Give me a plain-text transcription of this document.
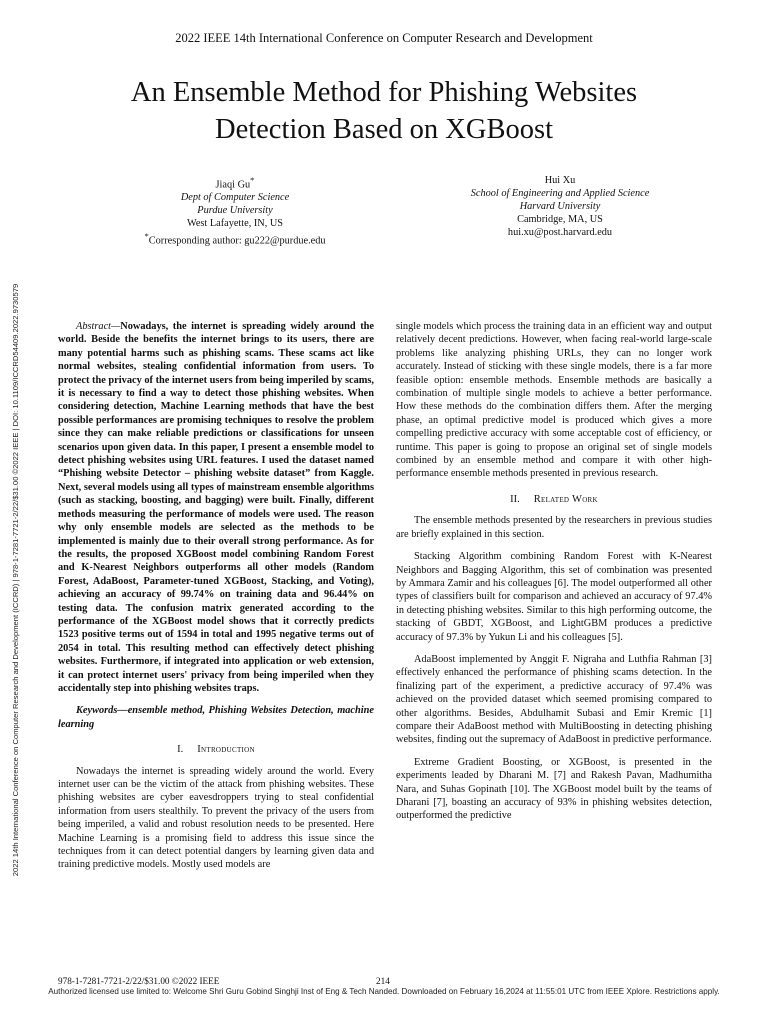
2022 IEEE 14th International Conference on Computer Research and Development
An Ensemble Method for Phishing Websites
Detection Based on XGBoost
Jiaqi Gu*
Dept of Computer Science
Purdue University
West Lafayette, IN, US
*Corresponding author: gu222@purdue.edu
Hui Xu
School of Engineering and Applied Science
Harvard University
Cambridge, MA, US
hui.xu@post.harvard.edu
2022 14th International Conference on Computer Research and Development (ICCRD) | 978-1-7281-7721-2/22/$31.00 ©2022 IEEE | DOI: 10.1109/ICCRD54409.2022.9730579	Abstract—Nowadays, the internet is spreading widely around the world. Beside the benefits the internet brings to its users, there are many potential harms such as phishing scams. These scams act like normal websites, stealing confidential information from users. To protect the privacy of the internet users from being imperiled by scams, it is necessary to find a way to detect those phishing websites. When considering detection, Machine Learning methods that have the best possible performances are promising techniques to resolve the problem since they can make reliable predictions or classifications for unseen scenarios upon given data. In this paper, I present a ensemble model to detect phishing websites using URL features. I used the dataset named “Phishing website Detector – phishing website dataset” from Kaggle. Next, several models using all types of mainstream ensemble algorithms (such as stacking, boosting, and bagging) were built. Finally, different methods measuring the performance of models were used. The reason why only ensemble models are selected as the methods to be implemented is mainly due to their overall strong performance. As for the results, the proposed XGBoost model combining Random Forest and K-Nearest Neighbors outperforms all other models (Random Forest, AdaBoost, Parameter-tuned XGBoost, Stacking, and Voting), achieving an accuracy of 99.74% on training data and 96.44% on testing data. The confusion matrix generated according to the performance of the XGBoost model shows that it correctly predicts 1523 positive terms out of 1594 in total and 1995 negative terms out of 2054 in total. This resulting method can effectively detect phishing websites. Furthermore, if integrated into application or web extension, it can protect internet users' privacy from being imperiled when they accidentally step into phishing websites traps.

Keywords—ensemble method, Phishing Websites Detection, machine learning

I. Introduction

Nowadays the internet is spreading widely around the world. Every internet user can be the victim of the attack from phishing websites. These phishing websites are cyber eavesdroppers trying to steal confidential information from users stealthily. To prevent the privacy of the users from being imperiled, a valid and robust resolution needs to be presented. Here Machine Learning is a promising field to address this issue since the techniques from it can detect potential dangers by learning given data and training predictive models. Mostly used models are

single models which process the training data in an efficient way and output relatively decent predictions. However, when facing real-world large-scale problems like analyzing phishing URLs, they can no longer work accurately. Instead of sticking with these single models, there is a far more feasible option: ensemble methods. Ensemble methods are basically a combination of multiple single models to achieve a better performance. How these methods do the combination differs them. After the merging phase, an optimal predictive model is produced which gives a more compelling predictive accuracy with some acceptable cost of efficiency, or runtime. This paper is going to propose an original set of single models combined by an ensemble method and compare it with other high-performance ensemble methods presented in previous research.

II. Related Work

The ensemble methods presented by the researchers in previous studies are briefly explained in this section.

Stacking Algorithm combining Random Forest with K-Nearest Neighbors and Bagging Algorithm, this set of combination was presented by Ammara Zamir and his colleagues [6]. The model outperformed all other types of classifiers built for comparison and achieved an accuracy of 97.4% in detecting phishing websites. Similar to this high performing outcome, the stacking of GBDT, XGBoost, and LightGBM produces a predictive accuracy of 97.3% by Yukun Li and his colleagues [5].

AdaBoost implemented by Anggit F. Nigraha and Luthfia Rahman [3] effectively enhanced the performance of phishing scams detection. In the finalizing part of the experiment, a predictive accuracy of 97.4% was achieved on the provided dataset which seemed promising compared to other algorithms. Besides, Abdulhamit Subasi and Emir Kremic [1] compare their AdaBoost method with MultiBoosting in detecting phishing websites, finding out the supremacy of AdaBoost in predictive performance.

Extreme Gradient Boosting, or XGBoost, is presented in the experiments leaded by Dharani M. [7] and Rakesh Pavan, Madhumitha Nara, and Suhas Gopinath [10]. The XGBoost model built by the teams of Dharani [7], boasting an accuracy of 93% in phishing websites detection, outperformed the predictive

978-1-7281-7721-2/22/$31.00 ©2022 IEEE	214
Authorized licensed use limited to: Welcome Shri Guru Gobind Singhji Inst of Eng & Tech Nanded. Downloaded on February 16,2024 at 11:55:01 UTC from IEEE Xplore. Restrictions apply.
